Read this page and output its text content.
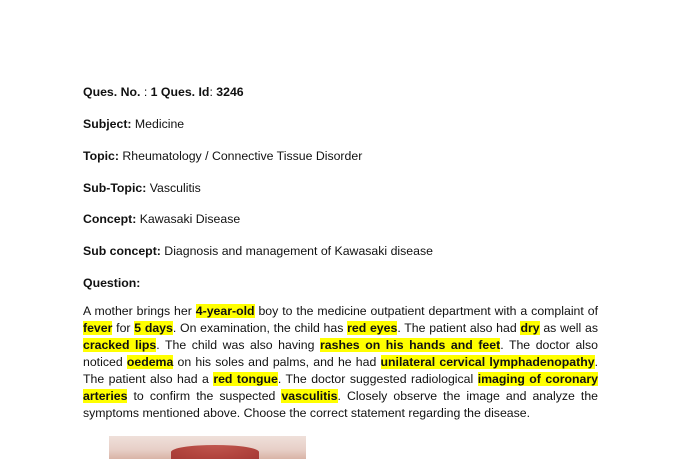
Ques. No. : 1 Ques. Id: 3246
Subject: Medicine
Topic: Rheumatology / Connective Tissue Disorder
Sub-Topic: Vasculitis
Concept: Kawasaki Disease
Sub concept: Diagnosis and management of Kawasaki disease
Question:
A mother brings her 4-year-old boy to the medicine outpatient department with a complaint of fever for 5 days. On examination, the child has red eyes. The patient also had dry as well as cracked lips. The child was also having rashes on his hands and feet. The doctor also noticed oedema on his soles and palms, and he had unilateral cervical lymphadenopathy. The patient also had a red tongue. The doctor suggested radiological imaging of coronary arteries to confirm the suspected vasculitis. Closely observe the image and analyze the symptoms mentioned above. Choose the correct statement regarding the disease.
